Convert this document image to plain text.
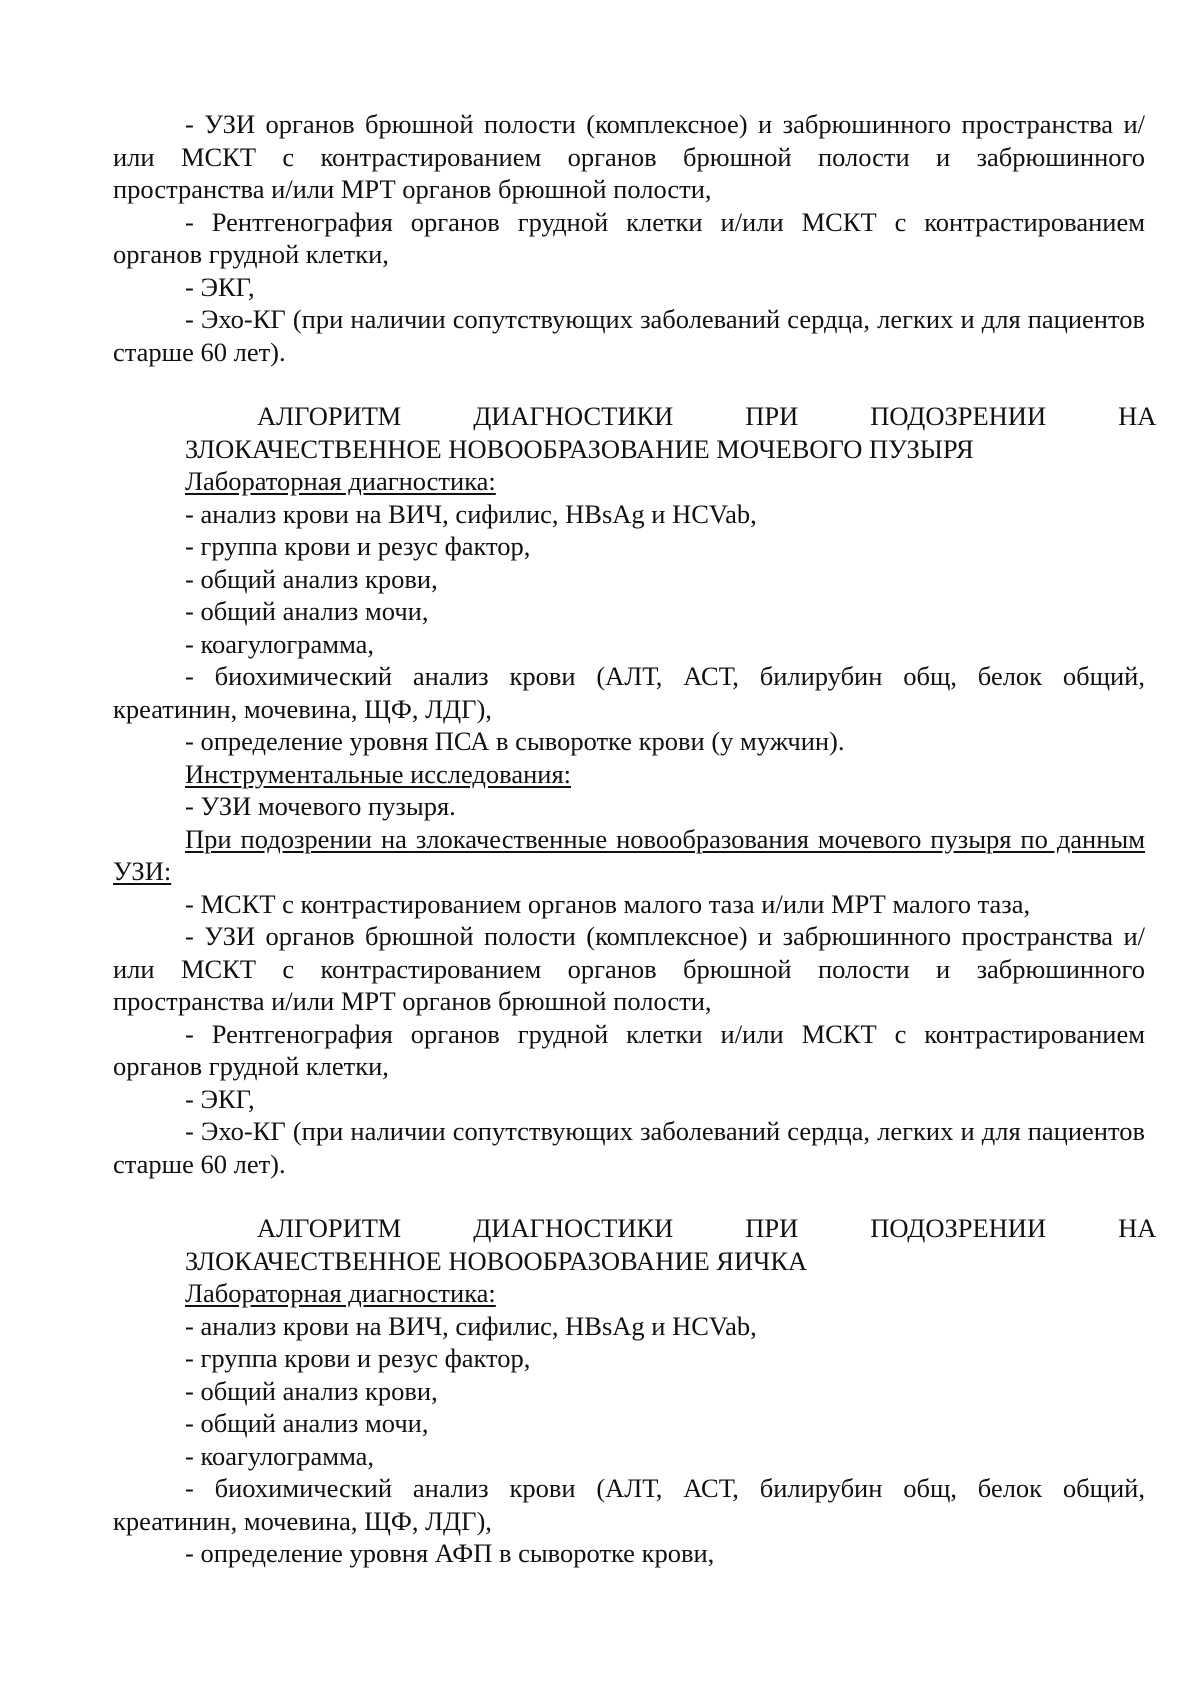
- УЗИ органов брюшной полости (комплексное) и забрюшинного пространства и/или МСКТ с контрастированием органов брюшной полости и забрюшинного пространства и/или МРТ органов брюшной полости,

- Рентгенография органов грудной клетки и/или МСКТ с контрастированием органов грудной клетки,

- ЭКГ,

- Эхо-КГ (при наличии сопутствующих заболеваний сердца, легких и для пациентов старше 60 лет).

АЛГОРИТМ	ДИАГНОСТИКИ	ПРИ	ПОДОЗРЕНИИ	НА
ЗЛОКАЧЕСТВЕННОЕ НОВООБРАЗОВАНИЕ МОЧЕВОГО ПУЗЫРЯ

Лабораторная диагностика:

- анализ крови на ВИЧ, сифилис, HBsAg и HCVab,

- группа крови и резус фактор,

- общий анализ крови,

- общий анализ мочи,

- коагулограмма,

- биохимический анализ крови (АЛТ, АСТ, билирубин общ, белок общий, креатинин, мочевина, ЩФ, ЛДГ),

- определение уровня ПСА в сыворотке крови (у мужчин).

Инструментальные исследования:

- УЗИ мочевого пузыря.

При подозрении на злокачественные новообразования мочевого пузыря по данным УЗИ:

- МСКТ с контрастированием органов малого таза и/или МРТ малого таза,

- УЗИ органов брюшной полости (комплексное) и забрюшинного пространства и/или МСКТ с контрастированием органов брюшной полости и забрюшинного пространства и/или МРТ органов брюшной полости,

- Рентгенография органов грудной клетки и/или МСКТ с контрастированием органов грудной клетки,

- ЭКГ,

- Эхо-КГ (при наличии сопутствующих заболеваний сердца, легких и для пациентов старше 60 лет).

АЛГОРИТМ	ДИАГНОСТИКИ	ПРИ	ПОДОЗРЕНИИ	НА
ЗЛОКАЧЕСТВЕННОЕ НОВООБРАЗОВАНИЕ ЯИЧКА

Лабораторная диагностика:

- анализ крови на ВИЧ, сифилис, HBsAg и HCVab,

- группа крови и резус фактор,

- общий анализ крови,

- общий анализ мочи,

- коагулограмма,

- биохимический анализ крови (АЛТ, АСТ, билирубин общ, белок общий, креатинин, мочевина, ЩФ, ЛДГ),

- определение уровня АФП в сыворотке крови,
